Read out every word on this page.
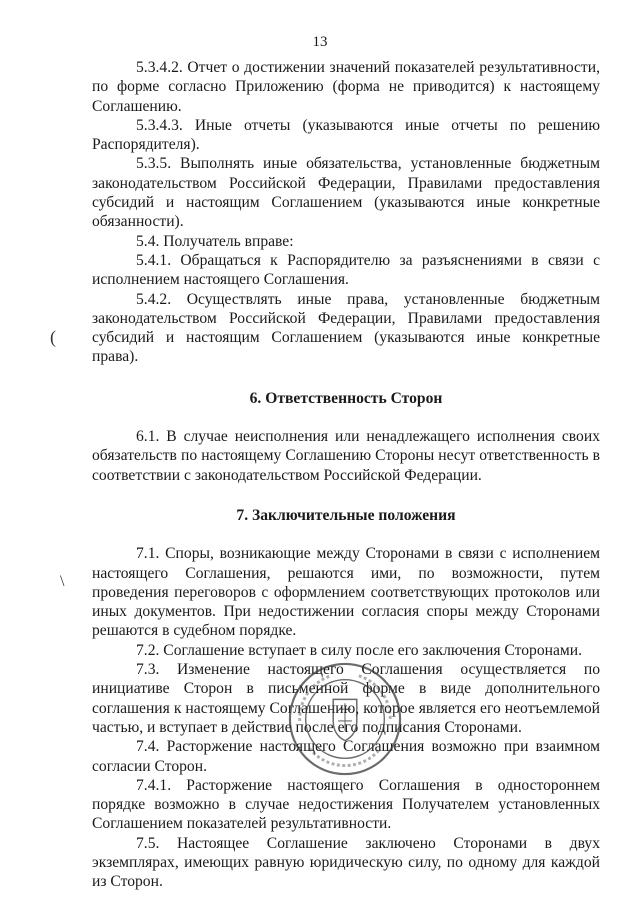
13
(
\

5.3.4.2. Отчет о достижении значений показателей результативности, по форме согласно Приложению (форма не приводится) к настоящему Соглашению.

5.3.4.3. Иные отчеты (указываются иные отчеты по решению Распорядителя).

5.3.5. Выполнять иные обязательства, установленные бюджетным законодательством Российской Федерации, Правилами предоставления субсидий и настоящим Соглашением (указываются иные конкретные обязанности).

5.4. Получатель вправе:

5.4.1. Обращаться к Распорядителю за разъяснениями в связи с исполнением настоящего Соглашения.

5.4.2. Осуществлять иные права, установленные бюджетным законодательством Российской Федерации, Правилами предоставления субсидий и настоящим Соглашением (указываются иные конкретные права).

6. Ответственность Сторон

6.1. В случае неисполнения или ненадлежащего исполнения своих обязательств по настоящему Соглашению Стороны несут ответственность в соответствии с законодательством Российской Федерации.

7. Заключительные положения

7.1. Споры, возникающие между Сторонами в связи с исполнением настоящего Соглашения, решаются ими, по возможности, путем проведения переговоров с оформлением соответствующих протоколов или иных документов. При недостижении согласия споры между Сторонами решаются в судебном порядке.

7.2. Соглашение вступает в силу после его заключения Сторонами.

7.3. Изменение настоящего Соглашения осуществляется по инициативе Сторон в письменной форме в виде дополнительного соглашения к настоящему Соглашению, которое является его неотъемлемой частью, и вступает в действие после его подписания Сторонами.

7.4. Расторжение настоящего Соглашения возможно при взаимном согласии Сторон.

7.4.1. Расторжение настоящего Соглашения в одностороннем порядке возможно в случае недостижения Получателем установленных Соглашением показателей результативности.

7.5. Настоящее Соглашение заключено Сторонами в двух экземплярах, имеющих равную юридическую силу, по одному для каждой из Сторон.
